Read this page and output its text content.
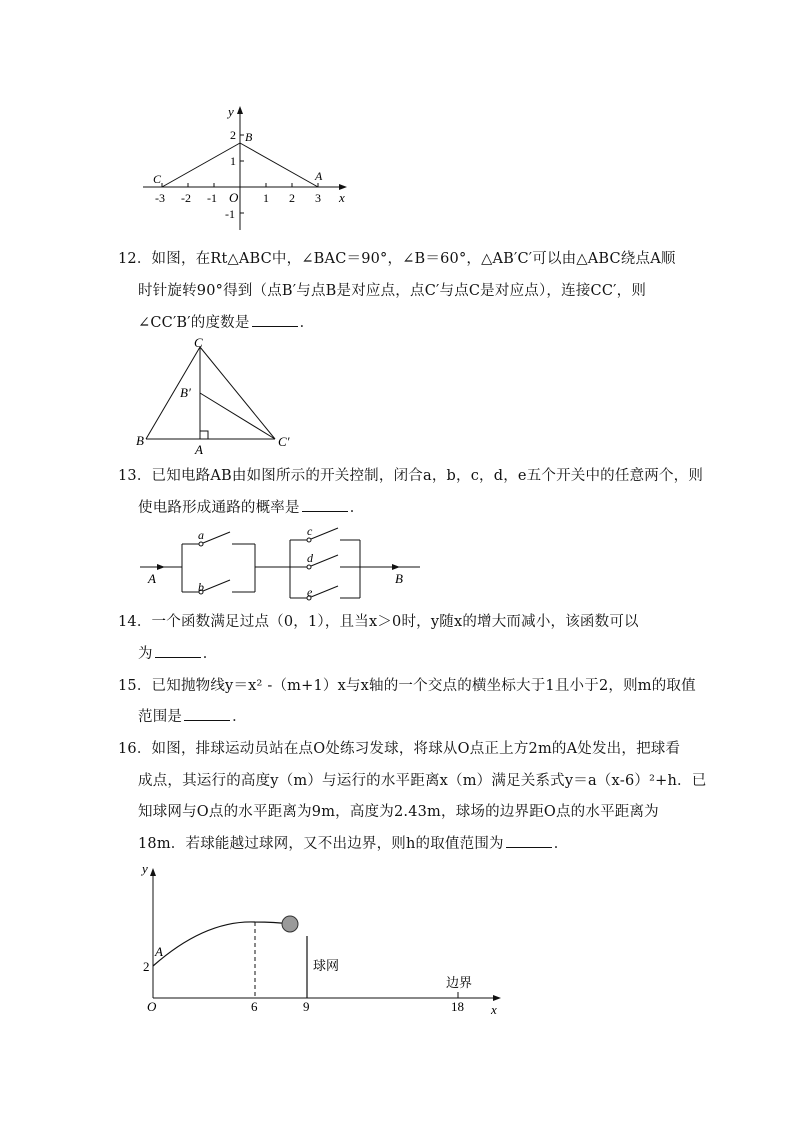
y
x
O
-3 -2 -1	1 2 3
2
1
-1
B
C	A
12．如图，在Rt△ABC中，∠BAC＝90°，∠B＝60°，△AB′C′可以由△ABC绕点A顺
时针旋转90°得到（点B′与点B是对应点，点C′与点C是对应点），连接CC′，则
∠CC′B′的度数是	．
C
B′
B
A
C′
13．已知电路AB由如图所示的开关控制，闭合a，b，c，d，e五个开关中的任意两个，则
使电路形成通路的概率是	．
a
b
c
d
e
A	B
14．一个函数满足过点（0，1），且当x＞0时，y随x的增大而减小，该函数可以
为	．
15．已知抛物线y＝x² ‐（m+1）x与x轴的一个交点的横坐标大于1且小于2，则m的取值
范围是	．
16．如图，排球运动员站在点O处练习发球，将球从O点正上方2m的A处发出，把球看
成点，其运行的高度y（m）与运行的水平距离x（m）满足关系式y＝a（x‐6）²+h．已
知球网与O点的水平距离为9m，高度为2.43m，球场的边界距O点的水平距离为
18m．若球能越过球网，又不出边界，则h的取值范围为	．
y
x
O
A
2
6	9	18
球网
边界
